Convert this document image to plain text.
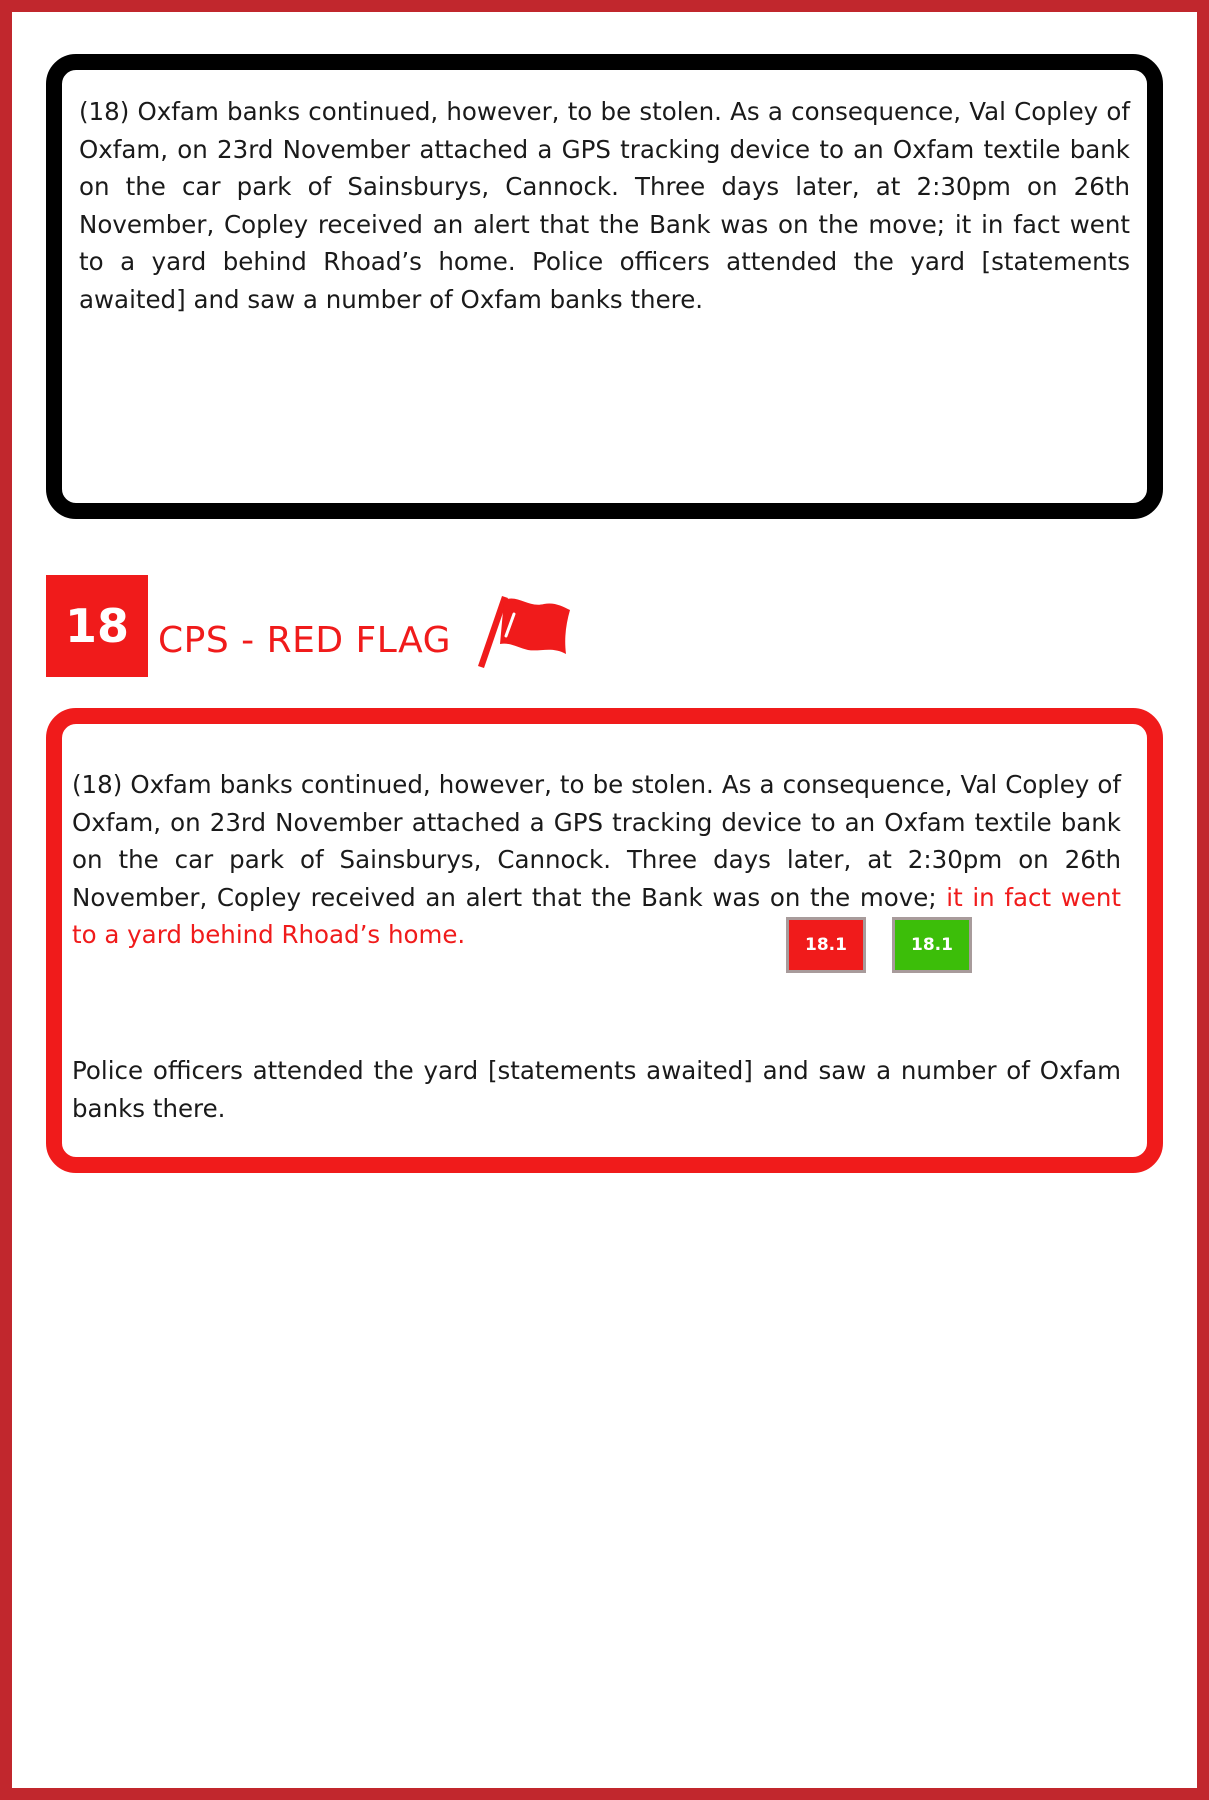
(18) Oxfam banks continued, however, to be stolen. As a consequence, Val Copley of Oxfam, on 23rd November attached a GPS tracking device to an Oxfam textile bank on the car park of Sainsburys, Cannock. Three days later, at 2:30pm on 26th November, Copley received an alert that the Bank was on the move; it in fact went to a yard behind Rhoad’s home. Police officers attended the yard [statements awaited] and saw a number of Oxfam banks there.

18 CPS - RED FLAG

(18) Oxfam banks continued, however, to be stolen. As a consequence, Val Copley of Oxfam, on 23rd November attached a GPS tracking device to an Oxfam textile bank on the car park of Sainsburys, Cannock. Three days later, at 2:30pm on 26th November, Copley received an alert that the Bank was on the move; it in fact went to a yard behind Rhoad’s home.	18.1	18.1

Police officers attended the yard [statements awaited] and saw a number of Oxfam banks there.
